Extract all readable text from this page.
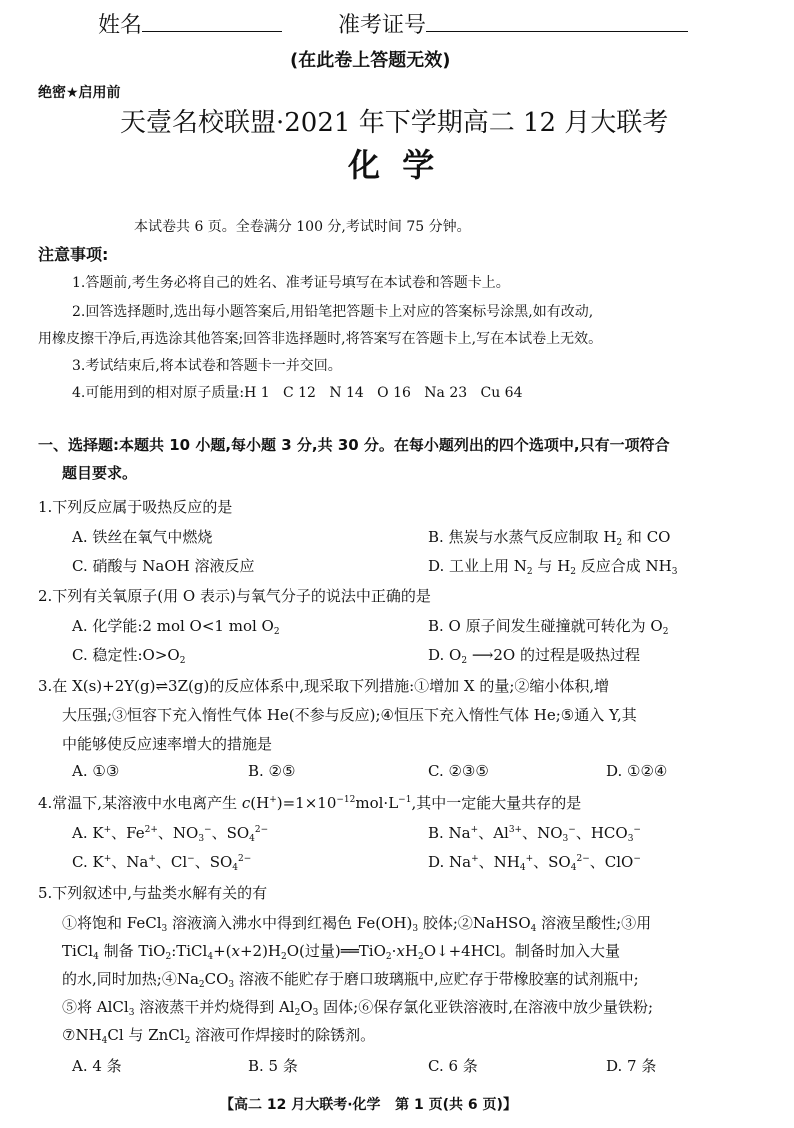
姓名	准考证号
(在此卷上答题无效)
绝密★启用前
天壹名校联盟·2021 年下学期高二 12 月大联考
化  学
本试卷共 6 页。全卷满分 100 分,考试时间 75 分钟。
注意事项:
1.答题前,考生务必将自己的姓名、准考证号填写在本试卷和答题卡上。
2.回答选择题时,选出每小题答案后,用铅笔把答题卡上对应的答案标号涂黑,如有改动,
用橡皮擦干净后,再选涂其他答案;回答非选择题时,将答案写在答题卡上,写在本试卷上无效。
3.考试结束后,将本试卷和答题卡一并交回。
4.可能用到的相对原子质量:H 1   C 12   N 14   O 16   Na 23   Cu 64
一、选择题:本题共 10 小题,每小题 3 分,共 30 分。在每小题列出的四个选项中,只有一项符合
题目要求。
1.下列反应属于吸热反应的是
A. 铁丝在氧气中燃烧	B. 焦炭与水蒸气反应制取 $H_2$ 和 CO
C. 硝酸与 NaOH 溶液反应	D. 工业上用 $N_2$ 与 $H_2$ 反应合成 $NH_3$
2.下列有关氧原子(用 O 表示)与氧气分子的说法中正确的是
A. 化学能:2 mol O<1 mol $O_2$	B. O 原子间发生碰撞就可转化为 $O_2$
C. 稳定性$:O>O_2$	D. $O_2$ ⟶2O 的过程是吸热过程
3.在 X(s)+2Y(g)⇌3Z(g)的反应体系中,现采取下列措施:①增加 X 的量;②缩小体积,增
大压强;③恒容下充入惰性气体 He(不参与反应);④恒压下充入惰性气体 He;⑤通入 Y,其
中能够使反应速率增大的措施是
A. ①③	B. ②⑤	C. ②③⑤	D. ①②④
4.常温下,某溶液中水电离产生 $c(H^+)=1\times 10^{-12}mol\cdot L^{-1}$,其中一定能大量共存的是
A. K+、$Fe^{2+}$、$NO_3^-$、$SO_4^{2-}$	B. Na+、$Al^{3+}$、$NO_3^-$、$HCO_3^-$
C. K+、Na+、Cl−、$SO_4^{2-}$	D. Na+、$NH_4^+$、$SO_4^{2-}$、ClO−
5.下列叙述中,与盐类水解有关的有
①将饱和 FeCl$_3$ 溶液滴入沸水中得到红褐色 $Fe(OH)_3$ 胶体;②NaHSO$_4$ 溶液呈酸性;③用
TiCl$_4$ 制备 $TiO_2:TiCl_4+(x+2)H_2O$(过量)$══TiO_2\cdot xH_2O↓+4HCl$。制备时加入大量
的水,同时加热$;④Na_2CO_3$ 溶液不能贮存于磨口玻璃瓶中,应贮存于带橡胶塞的试剂瓶中;
⑤将 AlCl$_3$ 溶液蒸干并灼烧得到 $Al_2O_3$ 固体;⑥保存氯化亚铁溶液时,在溶液中放少量铁粉;
$⑦NH_4Cl$ 与 ZnCl$_2$ 溶液可作焊接时的除锈剂。
A. 4 条	B. 5 条	C. 6 条	D. 7 条
【高二 12 月大联考·化学   第 1 页(共 6 页)】
